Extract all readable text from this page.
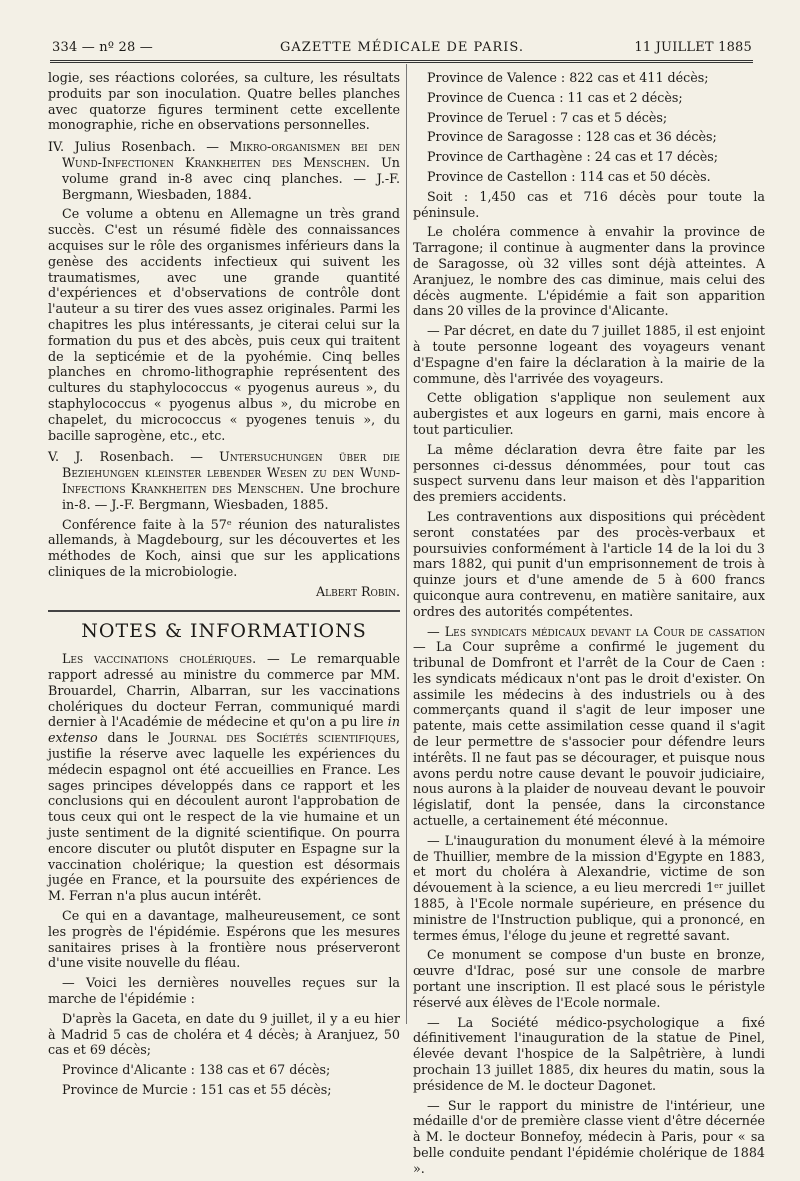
334 — nº 28 —	GAZETTE MÉDICALE DE PARIS.	11 JUILLET 1885

logie, ses réactions colorées, sa culture, les résultats produits par son inoculation. Quatre belles planches avec quatorze figures terminent cette excellente monographie, riche en observations personnelles.

IV. Julius Rosenbach. — Mikro-organismen bei den Wund-Infectionen Krankheiten des Menschen. Un volume grand in-8 avec cinq planches. — J.-F. Bergmann, Wiesbaden, 1884.

Ce volume a obtenu en Allemagne un très grand succès. C'est un résumé fidèle des connaissances acquises sur le rôle des organismes inférieurs dans la genèse des accidents infectieux qui suivent les traumatismes, avec une grande quantité d'expériences et d'observations de contrôle dont l'auteur a su tirer des vues assez originales. Parmi les chapitres les plus intéressants, je citerai celui sur la formation du pus et des abcès, puis ceux qui traitent de la septicémie et de la pyohémie. Cinq belles planches en chromo-lithographie représentent des cultures du staphylococcus « pyogenus aureus », du staphylococcus « pyogenus albus », du microbe en chapelet, du micrococcus « pyogenes tenuis », du bacille saprogène, etc., etc.

V. J. Rosenbach. — Untersuchungen über die Beziehungen kleinster lebender Wesen zu den Wund-Infections Krankheiten des Menschen. Une brochure in-8. — J.-F. Bergmann, Wiesbaden, 1885.

Conférence faite à la 57ᵉ réunion des naturalistes allemands, à Magdebourg, sur les découvertes et les méthodes de Koch, ainsi que sur les applications cliniques de la microbiologie.

Albert Robin.
NOTES & INFORMATIONS

Les vaccinations cholériques. — Le remarquable rapport adressé au ministre du commerce par MM. Brouardel, Charrin, Albarran, sur les vaccinations cholériques du docteur Ferran, communiqué mardi dernier à l'Académie de médecine et qu'on a pu lire in extenso dans le Journal des Sociétés scientifiques, justifie la réserve avec laquelle les expériences du médecin espagnol ont été accueillies en France. Les sages principes développés dans ce rapport et les conclusions qui en découlent auront l'approbation de tous ceux qui ont le respect de la vie humaine et un juste sentiment de la dignité scientifique. On pourra encore discuter ou plutôt disputer en Espagne sur la vaccination cholérique; la question est désormais jugée en France, et la poursuite des expériences de M. Ferran n'a plus aucun intérêt.

Ce qui en a davantage, malheureusement, ce sont les progrès de l'épidémie. Espérons que les mesures sanitaires prises à la frontière nous préserveront d'une visite nouvelle du fléau.

— Voici les dernières nouvelles reçues sur la marche de l'épidémie :

D'après la Gaceta, en date du 9 juillet, il y a eu hier à Madrid 5 cas de choléra et 4 décès; à Aranjuez, 50 cas et 69 décès;

Province d'Alicante : 138 cas et 67 décès;

Province de Murcie : 151 cas et 55 décès;

Province de Valence : 822 cas et 411 décès;

Province de Cuenca : 11 cas et 2 décès;

Province de Teruel : 7 cas et 5 décès;

Province de Saragosse : 128 cas et 36 décès;

Province de Carthagène : 24 cas et 17 décès;

Province de Castellon : 114 cas et 50 décès.

Soit : 1,450 cas et 716 décès pour toute la péninsule.

Le choléra commence à envahir la province de Tarragone; il continue à augmenter dans la province de Saragosse, où 32 villes sont déjà atteintes. A Aranjuez, le nombre des cas diminue, mais celui des décès augmente. L'épidémie a fait son apparition dans 20 villes de la province d'Alicante.

— Par décret, en date du 7 juillet 1885, il est enjoint à toute personne logeant des voyageurs venant d'Espagne d'en faire la déclaration à la mairie de la commune, dès l'arrivée des voyageurs.

Cette obligation s'applique non seulement aux aubergistes et aux logeurs en garni, mais encore à tout particulier.

La même déclaration devra être faite par les personnes ci-dessus dénommées, pour tout cas suspect survenu dans leur maison et dès l'apparition des premiers accidents.

Les contraventions aux dispositions qui précèdent seront constatées par des procès-verbaux et poursuivies conformément à l'article 14 de la loi du 3 mars 1882, qui punit d'un emprisonnement de trois à quinze jours et d'une amende de 5 à 600 francs quiconque aura contrevenu, en matière sanitaire, aux ordres des autorités compétentes.

— Les syndicats médicaux devant la Cour de cassation — La Cour suprême a confirmé le jugement du tribunal de Domfront et l'arrêt de la Cour de Caen : les syndicats médicaux n'ont pas le droit d'exister. On assimile les médecins à des industriels ou à des commerçants quand il s'agit de leur imposer une patente, mais cette assimilation cesse quand il s'agit de leur permettre de s'associer pour défendre leurs intérêts. Il ne faut pas se décourager, et puisque nous avons perdu notre cause devant le pouvoir judiciaire, nous aurons à la plaider de nouveau devant le pouvoir législatif, dont la pensée, dans la circonstance actuelle, a certainement été méconnue.

— L'inauguration du monument élevé à la mémoire de Thuillier, membre de la mission d'Egypte en 1883, et mort du choléra à Alexandrie, victime de son dévouement à la science, a eu lieu mercredi 1ᵉʳ juillet 1885, à l'Ecole normale supérieure, en présence du ministre de l'Instruction publique, qui a prononcé, en termes émus, l'éloge du jeune et regretté savant.

Ce monument se compose d'un buste en bronze, œuvre d'Idrac, posé sur une console de marbre portant une inscription. Il est placé sous le péristyle réservé aux élèves de l'Ecole normale.

— La Société médico-psychologique a fixé définitivement l'inauguration de la statue de Pinel, élevée devant l'hospice de la Salpêtrière, à lundi prochain 13 juillet 1885, dix heures du matin, sous la présidence de M. le docteur Dagonet.

— Sur le rapport du ministre de l'intérieur, une médaille d'or de première classe vient d'être décernée à M. le docteur Bonnefoy, médecin à Paris, pour « sa belle conduite pendant l'épidémie cholérique de 1884 ».
